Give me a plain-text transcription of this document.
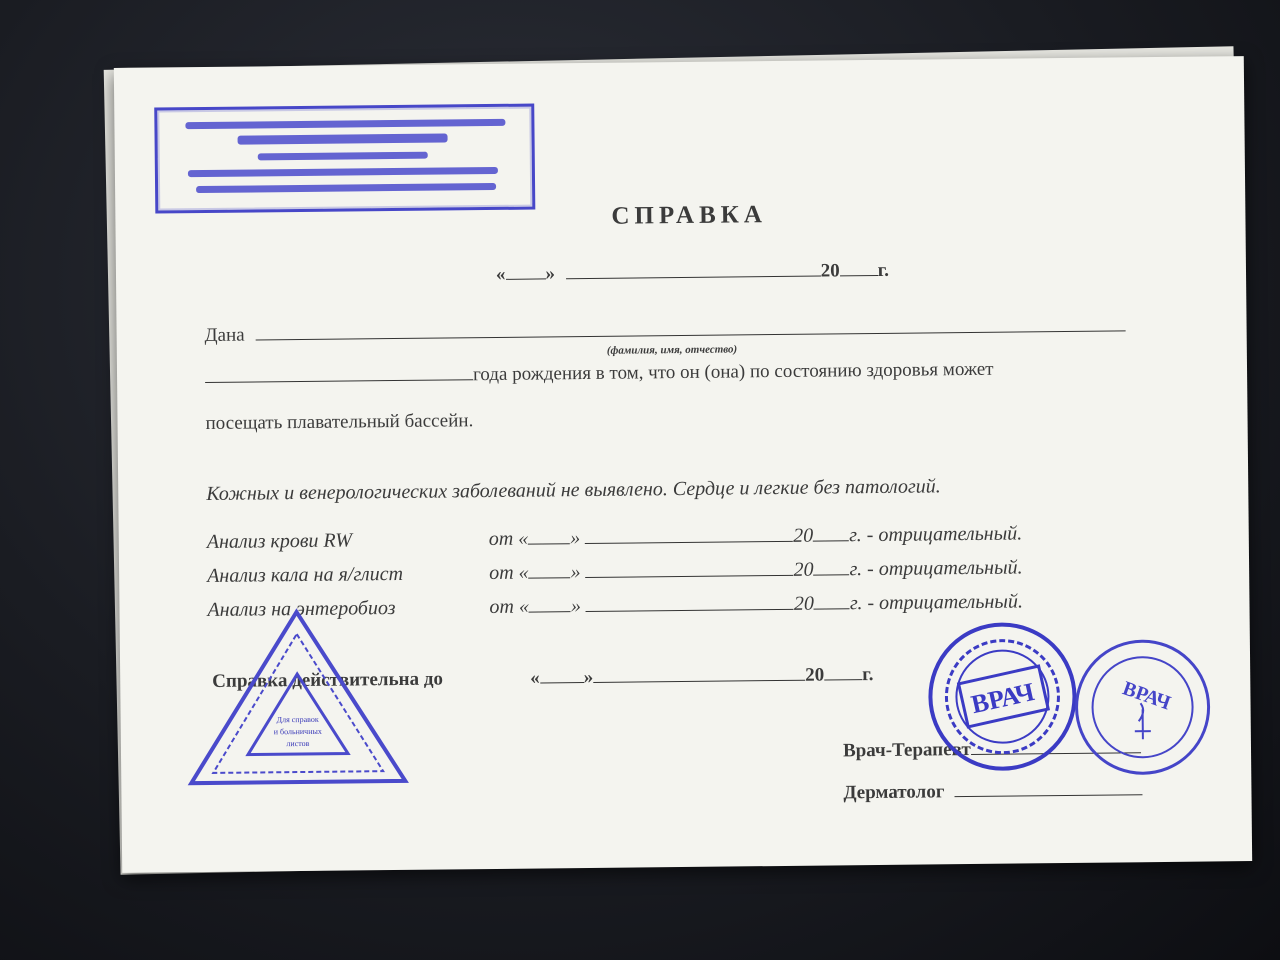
СПРАВКА
« »	20 г.
Дана
(фамилия, имя, отчество)
года рождения в том, что он (она) по состоянию здоровья может
посещать плавательный бассейн.
Кожных и венерологических заболеваний не выявлено. Сердце и легкие без патологий.
Анализ крови RW	от « »	20 г. - отрицательный.
Анализ кала на я/глист	от « »	20 г. - отрицательный.
Анализ на энтеробиоз	от « »	20 г. - отрицательный.
Справка действительна до	« »	20 г.
Врач-Терапевт
Дерматолог
Для справок
и больничных
листов
ВРАЧ	ВРАЧ
